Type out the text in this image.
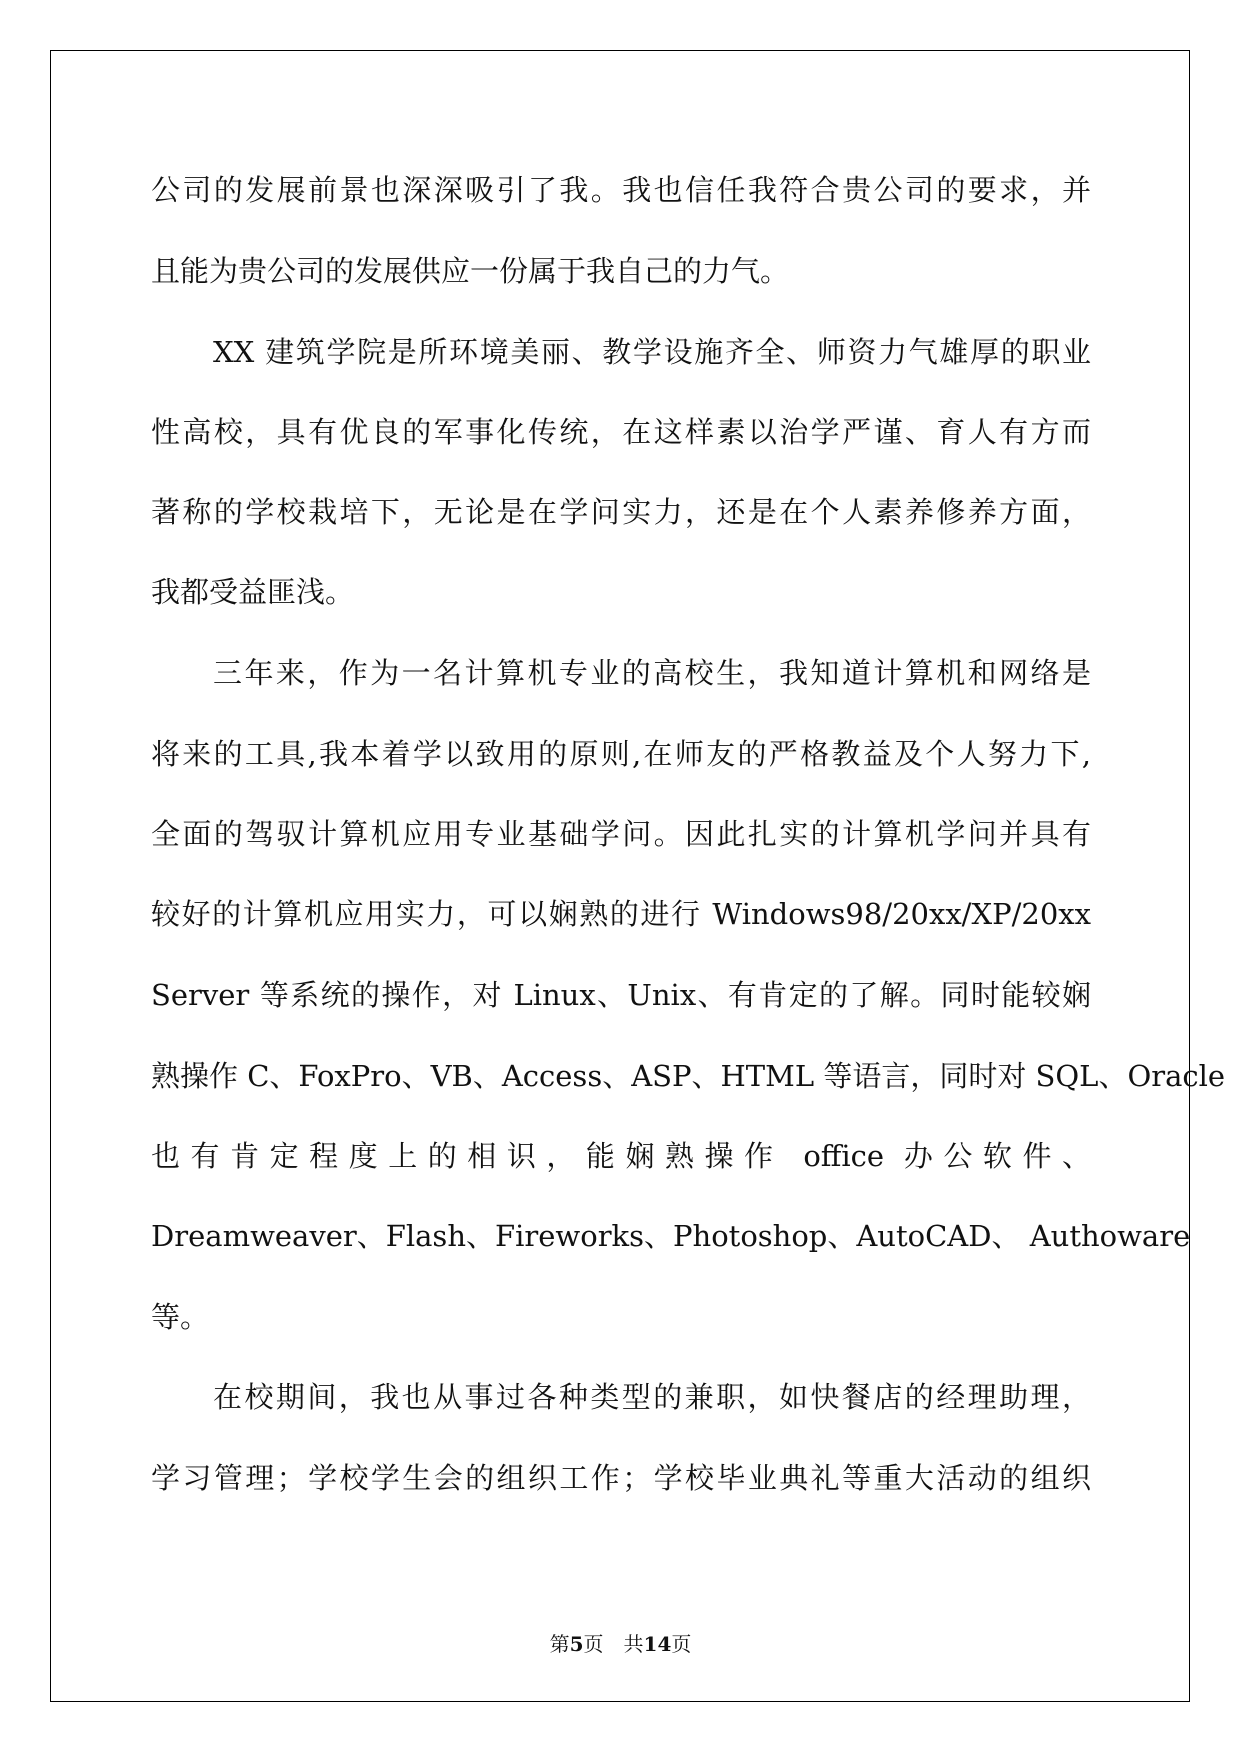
公司的发展前景也深深吸引了我。我也信任我符合贵公司的要求，并
且能为贵公司的发展供应一份属于我自己的力气。
XX 建筑学院是所环境美丽、教学设施齐全、师资力气雄厚的职业
性高校，具有优良的军事化传统，在这样素以治学严谨、育人有方而
著称的学校栽培下，无论是在学问实力，还是在个人素养修养方面，
我都受益匪浅。
三年来，作为一名计算机专业的高校生，我知道计算机和网络是
将来的工具,我本着学以致用的原则,在师友的严格教益及个人努力下,
全面的驾驭计算机应用专业基础学问。因此扎实的计算机学问并具有
较好的计算机应用实力，可以娴熟的进行 Windows98/20xx/XP/20xx
Server 等系统的操作，对 Linux、Unix、有肯定的了解。同时能较娴
熟操作 C、FoxPro、VB、Access、ASP、HTML 等语言，同时对 SQL、Oracle
也有肯定程度上的相识，能娴熟操作 office 办公软件、
Dreamweaver、Flash、Fireworks、Photoshop、AutoCAD、 Authoware
等。
在校期间，我也从事过各种类型的兼职，如快餐店的经理助理，
学习管理；学校学生会的组织工作；学校毕业典礼等重大活动的组织
第5页　共14页
